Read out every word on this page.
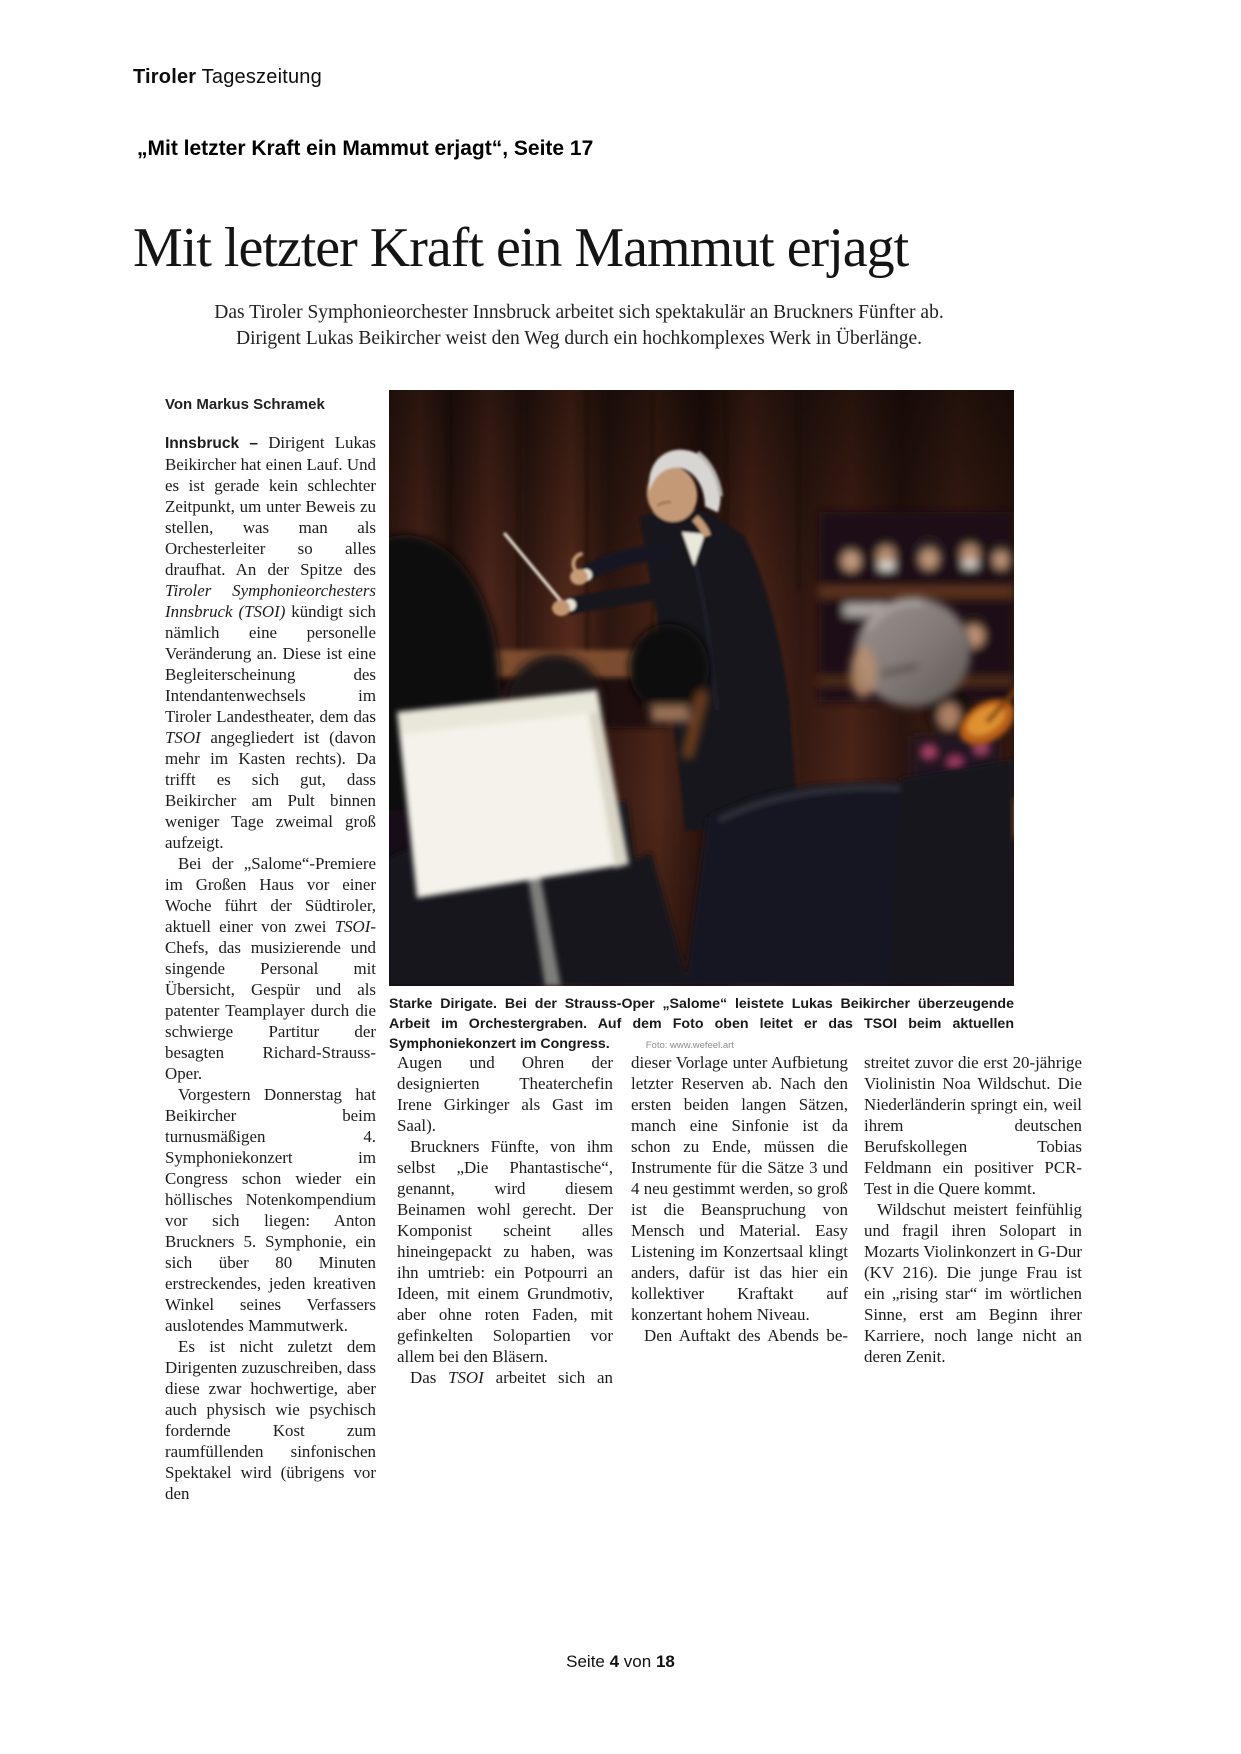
Tiroler Tageszeitung
„Mit letzter Kraft ein Mammut erjagt“, Seite 17
Mit letzter Kraft ein Mammut erjagt
Das Tiroler Symphonieorchester Innsbruck arbeitet sich spektakulär an Bruckners Fünfter ab.
Dirigent Lukas Beikircher weist den Weg durch ein hochkomplexes Werk in Überlänge.
Von Markus Schramek

Innsbruck – Dirigent Lukas Beikircher hat einen Lauf. Und es ist gerade kein schlechter Zeitpunkt, um unter Beweis zu stellen, was man als Orchesterleiter so alles draufhat. An der Spitze des Tiroler Symphonieorchesters Innsbruck (TSOI) kündigt sich nämlich eine personelle Veränderung an. Diese ist eine Begleiterscheinung des Intendantenwechsels im Tiroler Landestheater, dem das TSOI angegliedert ist (davon mehr im Kasten rechts). Da trifft es sich gut, dass Beikircher am Pult binnen weniger Tage zweimal groß aufzeigt.

Bei der „Salome“-Premiere im Großen Haus vor einer Woche führt der Südtiroler, aktuell einer von zwei TSOI-Chefs, das musizierende und singende Personal mit Übersicht, Gespür und als patenter Teamplayer durch die schwierge Partitur der besagten Richard-Strauss-Oper.

Vorgestern Donnerstag hat Beikircher beim turnusmäßigen 4. Symphoniekonzert im Congress schon wieder ein höllisches Notenkompendium vor sich liegen: Anton Bruckners 5. Symphonie, ein sich über 80 Minuten erstreckendes, jeden kreativen Winkel seines Verfassers auslotendes Mammutwerk.

Es ist nicht zuletzt dem Dirigenten zuzuschreiben, dass diese zwar hochwertige, aber auch physisch wie psychisch fordernde Kost zum raumfüllenden sinfonischen Spektakel wird (übrigens vor den

Starke Dirigate. Bei der Strauss-Oper „Salome“ leistete Lukas Beikircher überzeugende Arbeit im Orchestergraben. Auf dem Foto oben leitet er das TSOI beim aktuellen Symphoniekonzert im Congress.	Foto: www.wefeel.art

Augen und Ohren der designierten Theaterchefin Irene Girkinger als Gast im Saal).

Bruckners Fünfte, von ihm selbst „Die Phantastische“, genannt, wird diesem Beinamen wohl gerecht. Der Komponist scheint alles hineingepackt zu haben, was ihn umtrieb: ein Potpourri an Ideen, mit einem Grundmotiv, aber ohne roten Faden, mit gefinkelten Solopartien vor allem bei den Bläsern.

Das TSOI arbeitet sich an

dieser Vorlage unter Aufbietung letzter Reserven ab. Nach den ersten beiden langen Sätzen, manch eine Sinfonie ist da schon zu Ende, müssen die Instrumente für die Sätze 3 und 4 neu gestimmt werden, so groß ist die Beanspruchung von Mensch und Material. Easy Listening im Konzertsaal klingt anders, dafür ist das hier ein kollektiver Kraftakt auf konzertant hohem Niveau.

Den Auftakt des Abends be-

streitet zuvor die erst 20-jährige Violinistin Noa Wildschut. Die Niederländerin springt ein, weil ihrem deutschen Berufskollegen Tobias Feldmann ein positiver PCR-Test in die Quere kommt.

Wildschut meistert feinfühlig und fragil ihren Solopart in Mozarts Violinkonzert in G-Dur (KV 216). Die junge Frau ist ein „rising star“ im wörtlichen Sinne, erst am Beginn ihrer Karriere, noch lange nicht an deren Zenit.

Seite 4 von 18
